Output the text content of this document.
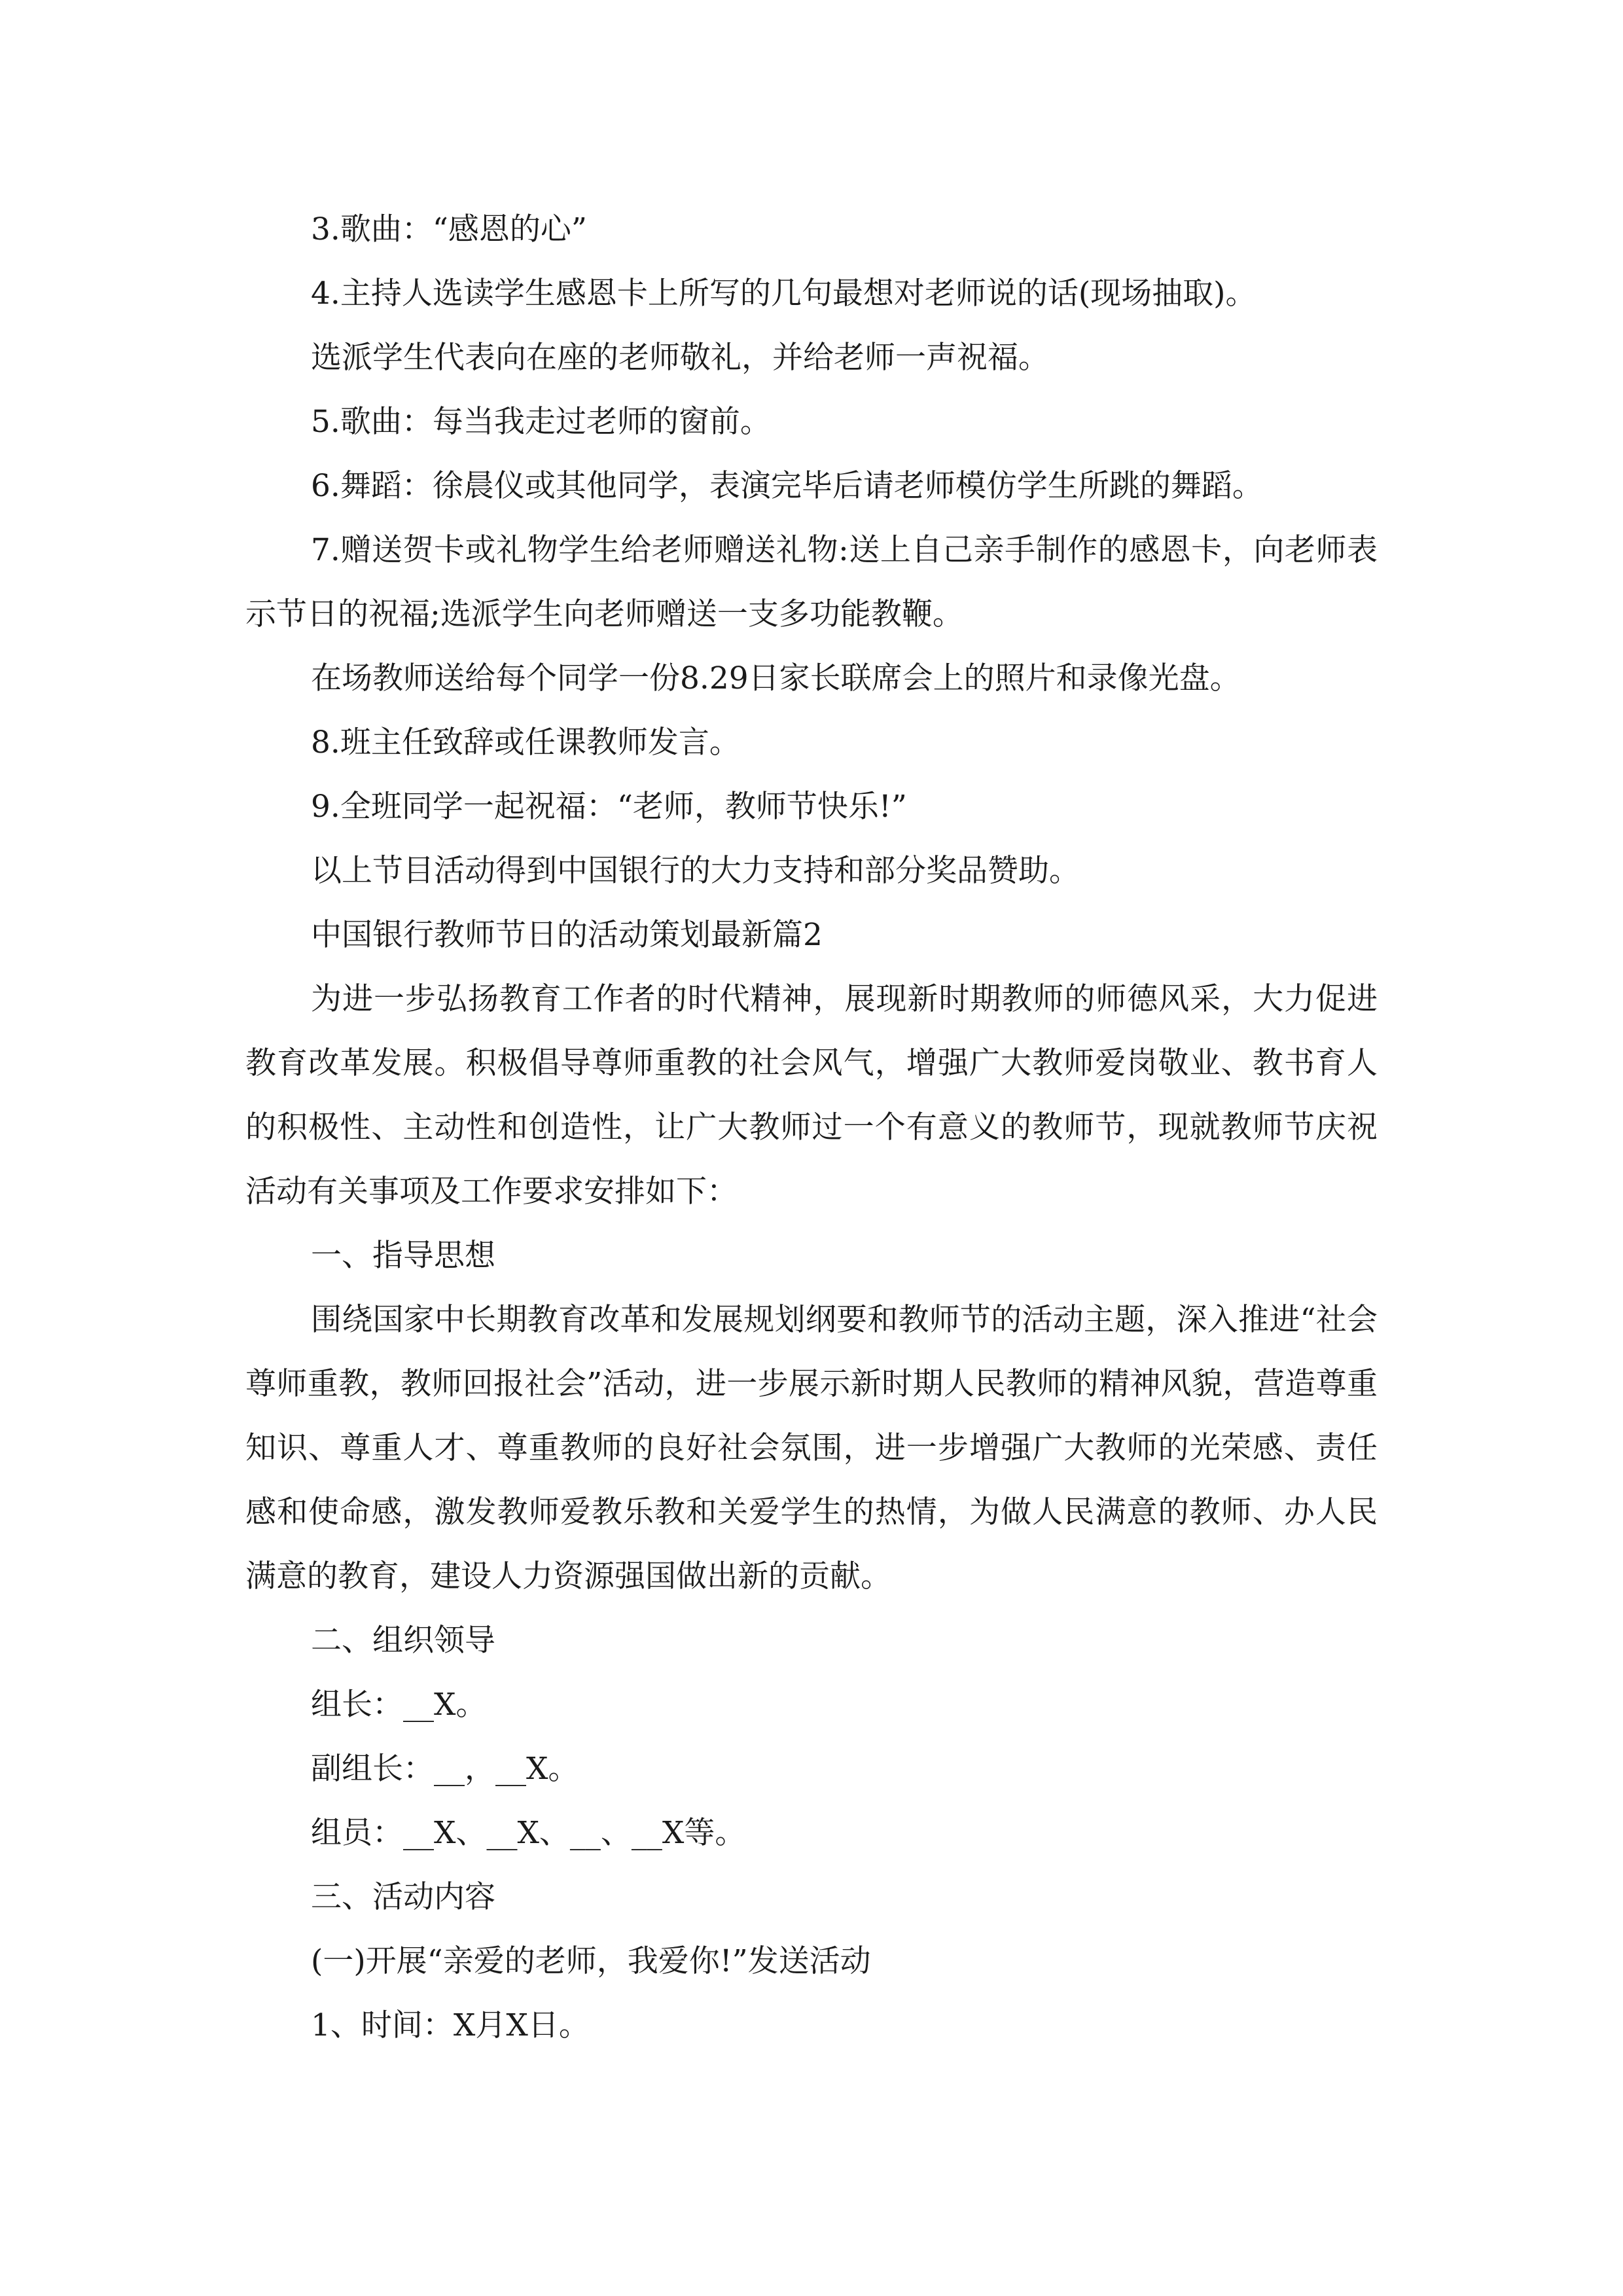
3.歌曲：“感恩的心”

4.主持人选读学生感恩卡上所写的几句最想对老师说的话(现场抽取)。

选派学生代表向在座的老师敬礼，并给老师一声祝福。

5.歌曲：每当我走过老师的窗前。

6.舞蹈：徐晨仪或其他同学，表演完毕后请老师模仿学生所跳的舞蹈。

7.赠送贺卡或礼物学生给老师赠送礼物:送上自己亲手制作的感恩卡，向老师表示节日的祝福;选派学生向老师赠送一支多功能教鞭。

在场教师送给每个同学一份8.29日家长联席会上的照片和录像光盘。

8.班主任致辞或任课教师发言。

9.全班同学一起祝福：“老师，教师节快乐!”

以上节目活动得到中国银行的大力支持和部分奖品赞助。

中国银行教师节日的活动策划最新篇2

为进一步弘扬教育工作者的时代精神，展现新时期教师的师德风采，大力促进教育改革发展。积极倡导尊师重教的社会风气，增强广大教师爱岗敬业、教书育人的积极性、主动性和创造性，让广大教师过一个有意义的教师节，现就教师节庆祝活动有关事项及工作要求安排如下：

一、指导思想

围绕国家中长期教育改革和发展规划纲要和教师节的活动主题，深入推进“社会尊师重教，教师回报社会”活动，进一步展示新时期人民教师的精神风貌，营造尊重知识、尊重人才、尊重教师的良好社会氛围，进一步增强广大教师的光荣感、责任感和使命感，激发教师爱教乐教和关爱学生的热情，为做人民满意的教师、办人民满意的教育，建设人力资源强国做出新的贡献。

二、组织领导

组长：__X。

副组长：__，__X。

组员：__X、__X、__、__X等。

三、活动内容

(一)开展“亲爱的老师，我爱你!”发送活动

1、时间：X月X日。
